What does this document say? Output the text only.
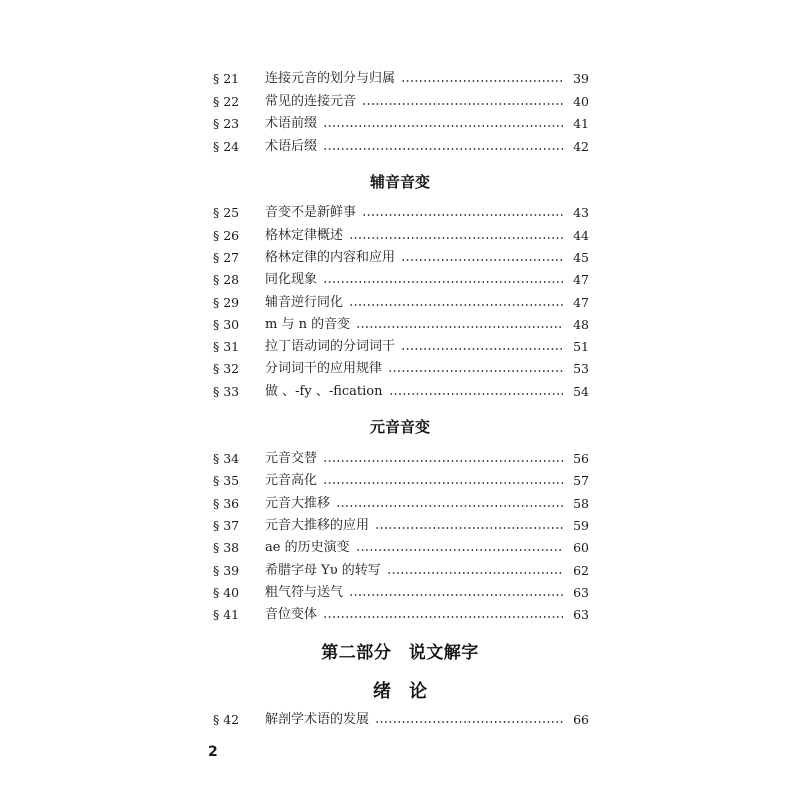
§ 21	连接元音的划分与归属	39
§ 22	常见的连接元音	40
§ 23	术语前缀	41
§ 24	术语后缀	42
辅音音变
§ 25	音变不是新鲜事	43
§ 26	格林定律概述	44
§ 27	格林定律的内容和应用	45
§ 28	同化现象	47
§ 29	辅音逆行同化	47
§ 30	m 与 n 的音变	48
§ 31	拉丁语动词的分词词干	51
§ 32	分词词干的应用规律	53
§ 33	做 、-fy 、-fication	54
元音音变
§ 34	元音交替	56
§ 35	元音高化	57
§ 36	元音大推移	58
§ 37	元音大推移的应用	59
§ 38	ae 的历史演变	60
§ 39	希腊字母 Yυ 的转写	62
§ 40	粗气符与送气	63
§ 41	音位变体	63
第二部分　说文解字
绪　论
§ 42	解剖学术语的发展	66
2
